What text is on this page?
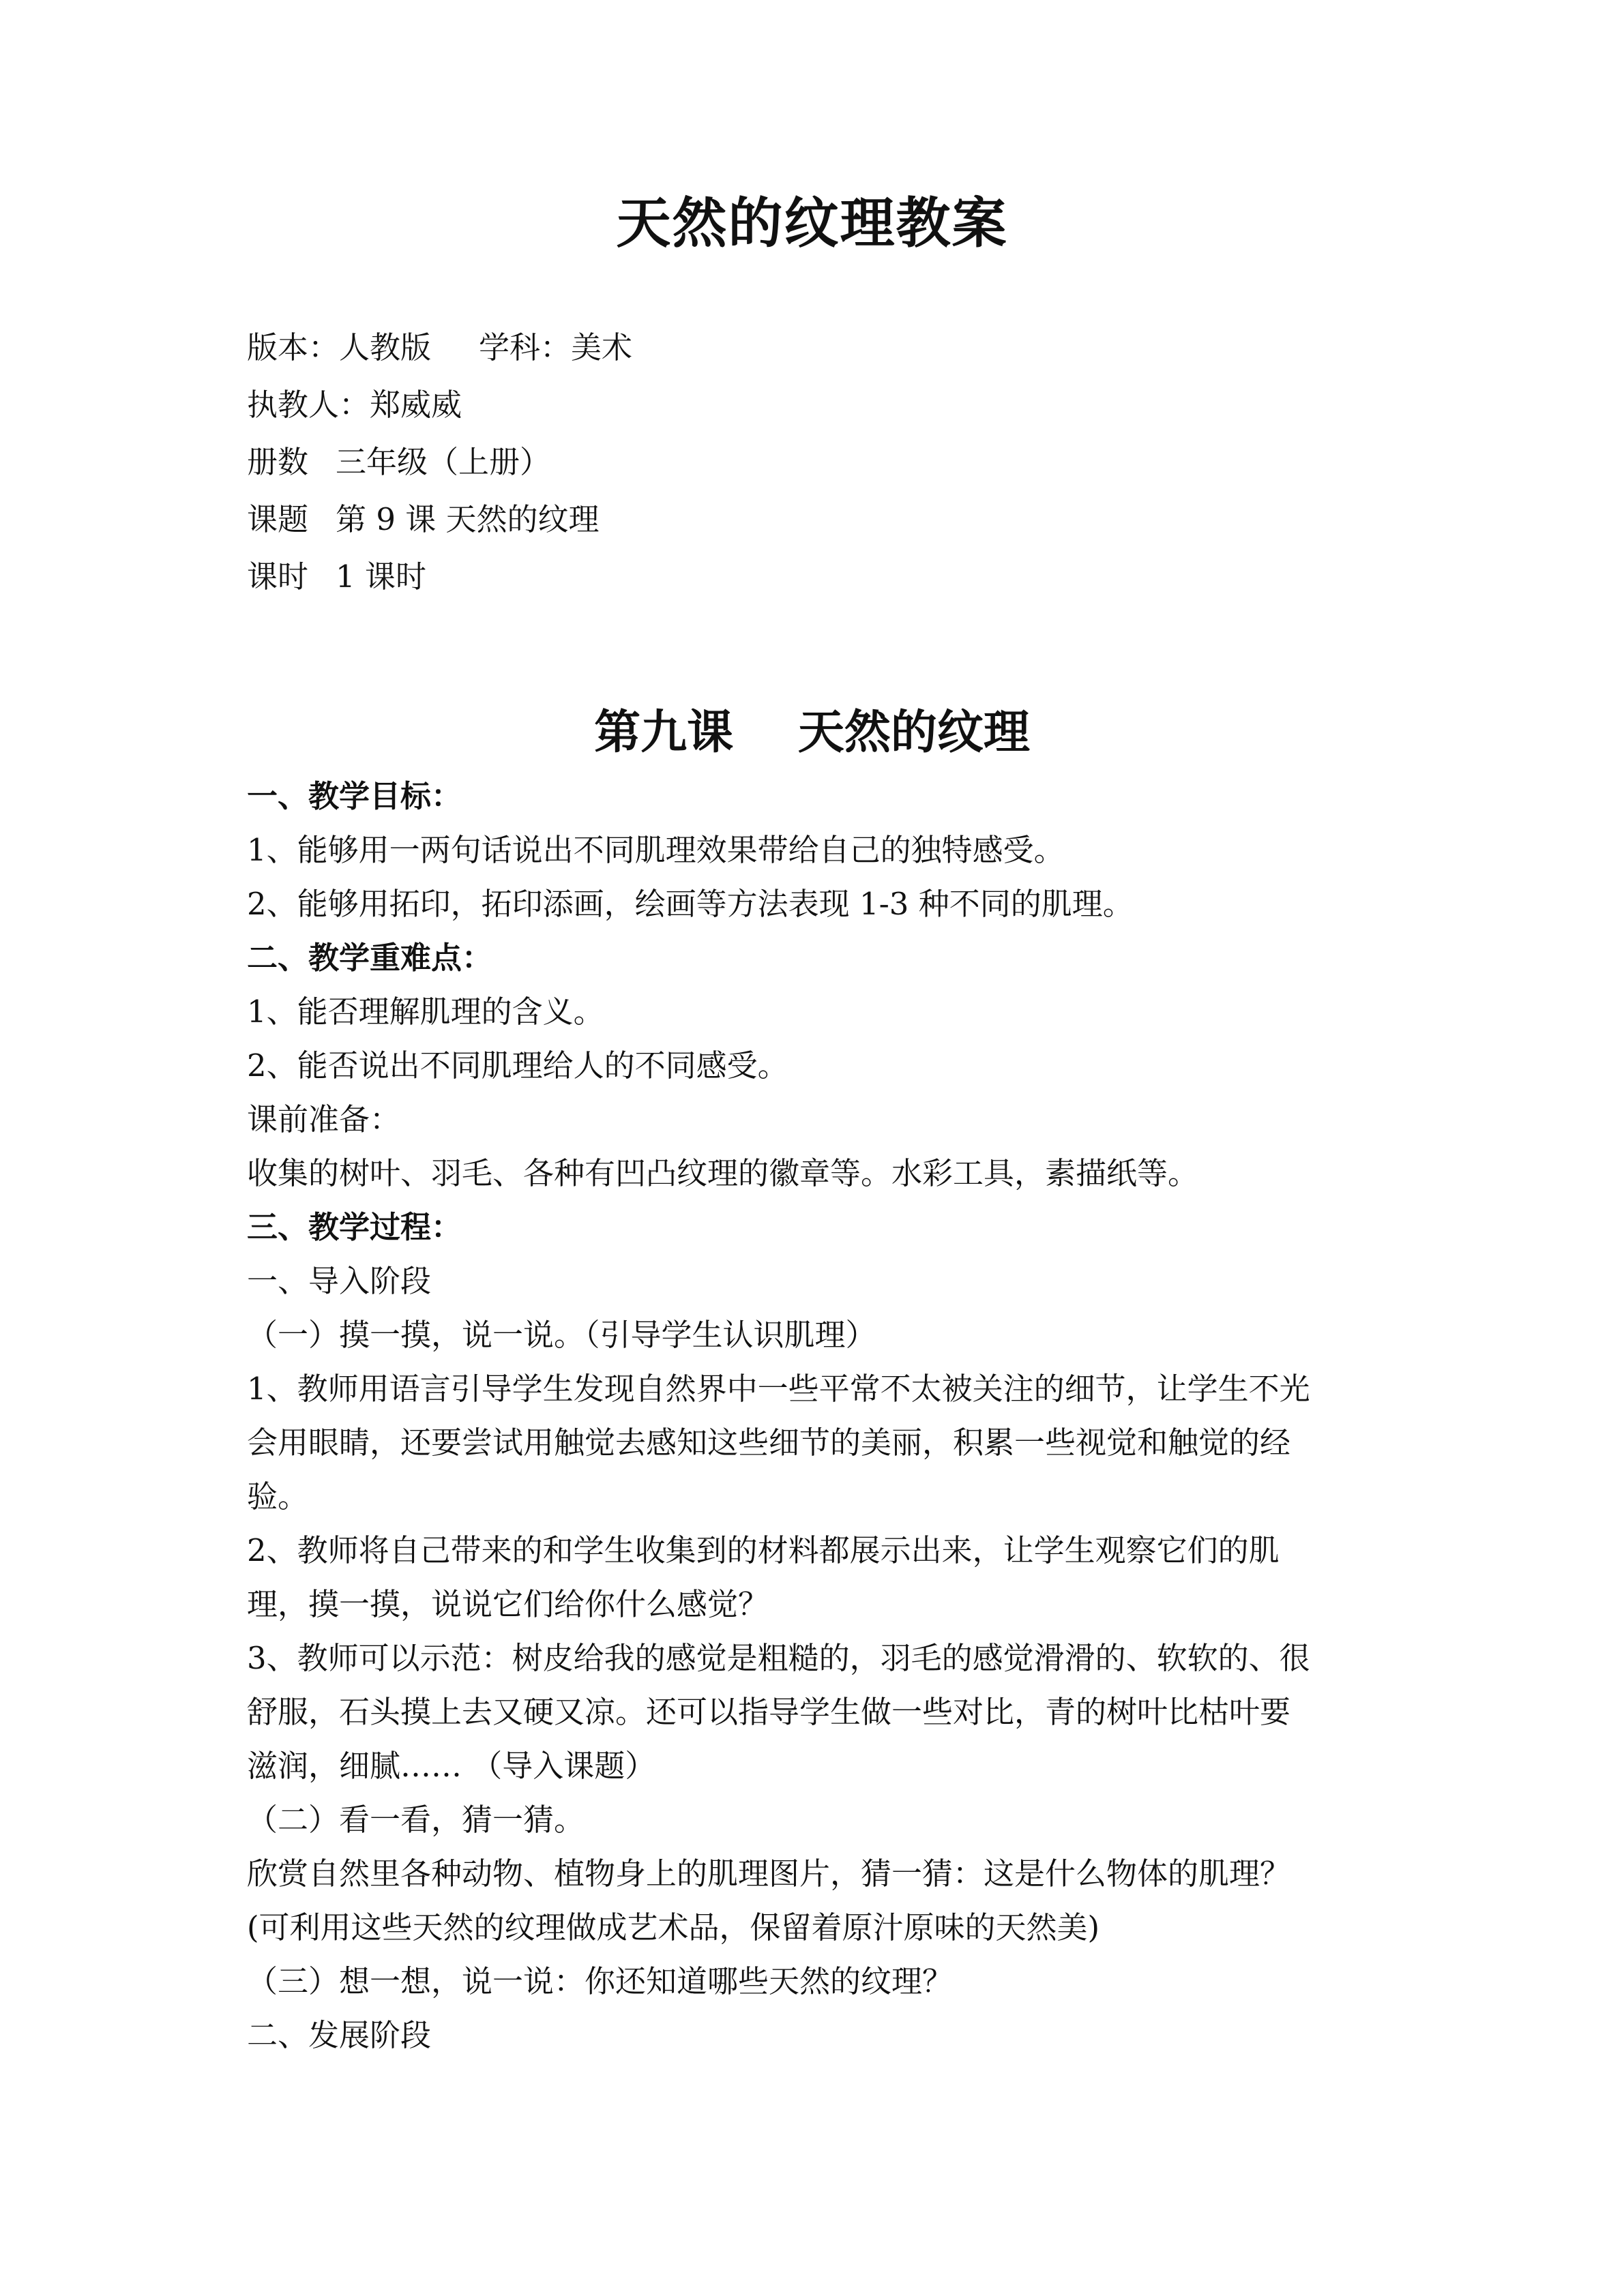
天然的纹理教案
版本：人教版 学科：美术
执教人：郑威威
册数 三年级（上册）
课题 第 9 课 天然的纹理
课时 1 课时
第九课    天然的纹理
一、教学目标：
1、能够用一两句话说出不同肌理效果带给自己的独特感受。
2、能够用拓印，拓印添画，绘画等方法表现 1-3 种不同的肌理。
二、教学重难点：
1、能否理解肌理的含义。
2、能否说出不同肌理给人的不同感受。
课前准备：
收集的树叶、羽毛、各种有凹凸纹理的徽章等。水彩工具，素描纸等。
三、教学过程：
一、导入阶段
（一）摸一摸，说一说。（引导学生认识肌理）
1、教师用语言引导学生发现自然界中一些平常不太被关注的细节，让学生不光
会用眼睛，还要尝试用触觉去感知这些细节的美丽，积累一些视觉和触觉的经
验。
2、教师将自己带来的和学生收集到的材料都展示出来，让学生观察它们的肌
理，摸一摸，说说它们给你什么感觉？
3、教师可以示范：树皮给我的感觉是粗糙的，羽毛的感觉滑滑的、软软的、很
舒服，石头摸上去又硬又凉。还可以指导学生做一些对比，青的树叶比枯叶要
滋润，细腻…… （导入课题）
（二）看一看，猜一猜。
欣赏自然里各种动物、植物身上的肌理图片，猜一猜：这是什么物体的肌理？
(可利用这些天然的纹理做成艺术品，保留着原汁原味的天然美)
（三）想一想，说一说：你还知道哪些天然的纹理？
二、发展阶段
